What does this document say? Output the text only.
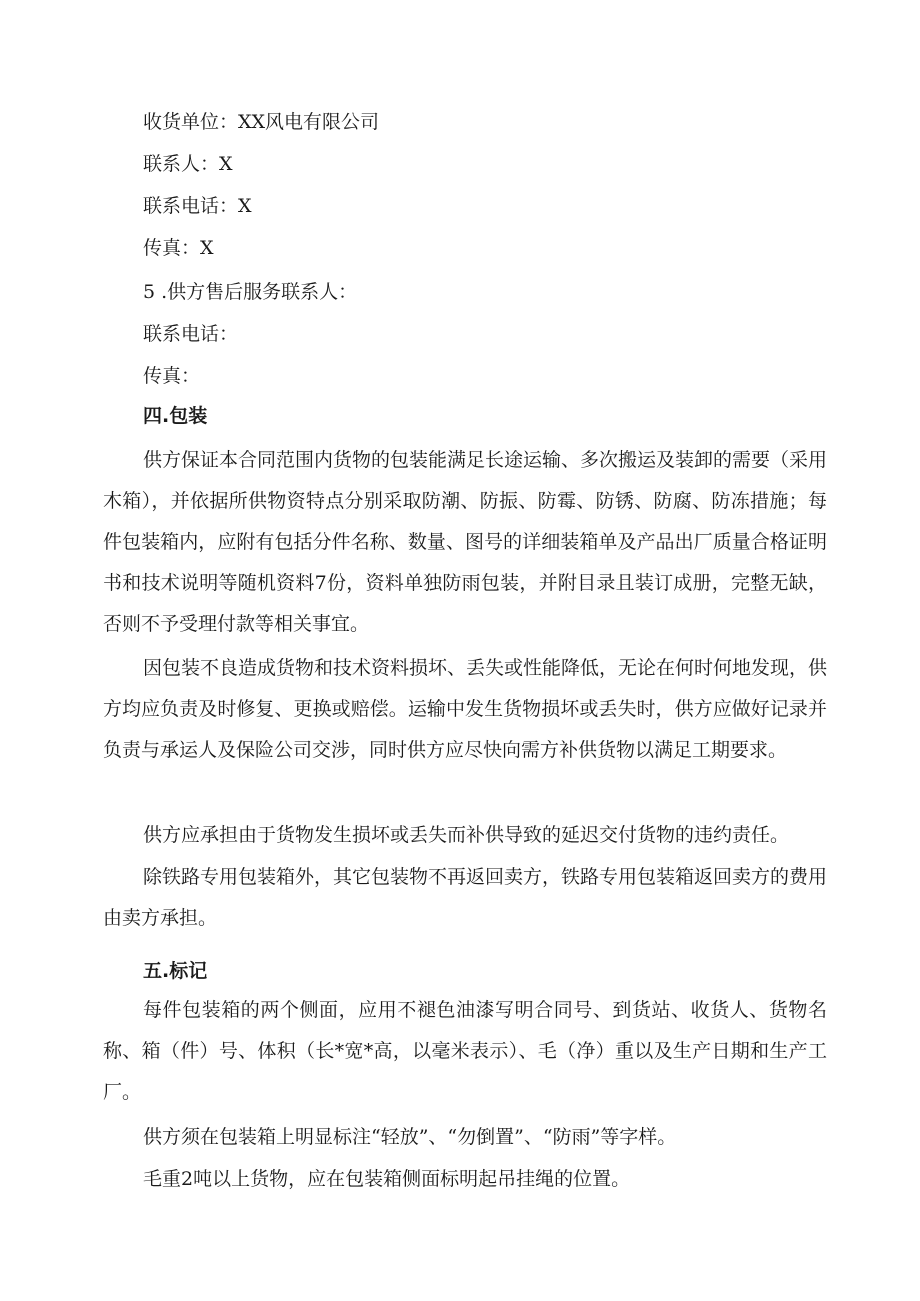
收货单位：XX风电有限公司
联系人：X
联系电话：X
传真：X
5 .供方售后服务联系人：
联系电话：
传真：
四.包装

供方保证本合同范围内货物的包装能满足长途运输、多次搬运及装卸的需要（采用木箱），并依据所供物资特点分别采取防潮、防振、防霉、防锈、防腐、防冻措施；每件包装箱内，应附有包括分件名称、数量、图号的详细装箱单及产品出厂质量合格证明书和技术说明等随机资料7份，资料单独防雨包装，并附目录且装订成册，完整无缺，否则不予受理付款等相关事宜。

因包装不良造成货物和技术资料损坏、丢失或性能降低，无论在何时何地发现，供方均应负责及时修复、更换或赔偿。运输中发生货物损坏或丢失时，供方应做好记录并负责与承运人及保险公司交涉，同时供方应尽快向需方补供货物以满足工期要求。

供方应承担由于货物发生损坏或丢失而补供导致的延迟交付货物的违约责任。

除铁路专用包装箱外，其它包装物不再返回卖方，铁路专用包装箱返回卖方的费用由卖方承担。

五.标记

每件包装箱的两个侧面，应用不褪色油漆写明合同号、到货站、收货人、货物名称、箱（件）号、体积（长*宽*高，以毫米表示）、毛（净）重以及生产日期和生产工厂。

供方须在包装箱上明显标注“轻放”、“勿倒置”、“防雨”等字样。

毛重2吨以上货物，应在包装箱侧面标明起吊挂绳的位置。
